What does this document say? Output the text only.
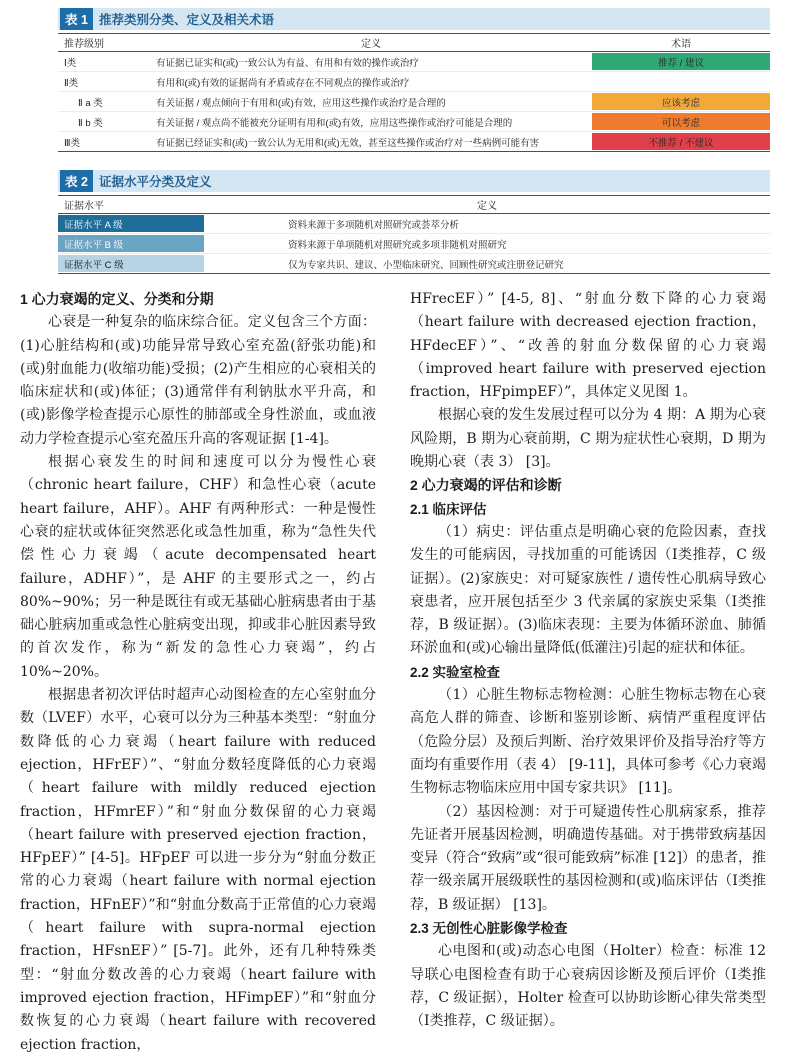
表 1 推荐类别分类、定义及相关术语
推荐级别	定义	术语
Ⅰ类	有证据已证实和(或)一致公认为有益、有用和有效的操作或治疗	推荐 / 建议
Ⅱ类	有用和(或)有效的证据尚有矛盾或存在不同观点的操作或治疗
Ⅱ a 类	有关证据 / 观点倾向于有用和(或)有效，应用这些操作或治疗是合理的	应该考虑
Ⅱ b 类	有关证据 / 观点尚不能被充分证明有用和(或)有效，应用这些操作或治疗可能是合理的	可以考虑
Ⅲ类	有证据已经证实和(或)一致公认为无用和(或)无效，甚至这些操作或治疗对一些病例可能有害	不推荐 / 不建议
表 2 证据水平分类及定义
证据水平	定义
证据水平 A 级	资料来源于多项随机对照研究或荟萃分析
证据水平 B 级	资料来源于单项随机对照研究或多项非随机对照研究
证据水平 C 级	仅为专家共识、建议、小型临床研究、回顾性研究或注册登记研究

1 心力衰竭的定义、分类和分期

心衰是一种复杂的临床综合征。定义包含三个方面：(1)心脏结构和(或)功能异常导致心室充盈(舒张功能)和(或)射血能力(收缩功能)受损；(2)产生相应的心衰相关的临床症状和(或)体征；(3)通常伴有利钠肽水平升高，和(或)影像学检查提示心原性的肺部或全身性淤血，或血液动力学检查提示心室充盈压升高的客观证据 [1-4]。

根据心衰发生的时间和速度可以分为慢性心衰（chronic heart failure，CHF）和急性心衰（acute heart failure，AHF）。AHF 有两种形式：一种是慢性心衰的症状或体征突然恶化或急性加重，称为“急性失代偿性心力衰竭（acute decompensated heart failure，ADHF）”，是 AHF 的主要形式之一，约占 80%~90%；另一种是既往有或无基础心脏病患者由于基础心脏病加重或急性心脏病变出现，抑或非心脏因素导致的首次发作，称为“新发的急性心力衰竭”，约占 10%~20%。

根据患者初次评估时超声心动图检查的左心室射血分数（LVEF）水平，心衰可以分为三种基本类型：“射血分数降低的心力衰竭（heart failure with reduced ejection，HFrEF）”、“射血分数轻度降低的心力衰竭（heart failure with mildly reduced ejection fraction，HFmrEF）”和“射血分数保留的心力衰竭（heart failure with preserved ejection fraction，HFpEF）” [4-5]。HFpEF 可以进一步分为“射血分数正常的心力衰竭（heart failure with normal ejection fraction，HFnEF）”和“射血分数高于正常值的心力衰竭（heart failure with supra-normal ejection fraction，HFsnEF）” [5-7]。此外，还有几种特殊类型：“射血分数改善的心力衰竭（heart failure with improved ejection fraction，HFimpEF）”和“射血分数恢复的心力衰竭（heart failure with recovered ejection fraction，

HFrecEF）” [4-5, 8]、“射血分数下降的心力衰竭（heart failure with decreased ejection fraction，HFdecEF）”、“改善的射血分数保留的心力衰竭（improved heart failure with preserved ejection fraction，HFpimpEF）”，具体定义见图 1。

根据心衰的发生发展过程可以分为 4 期：A 期为心衰风险期，B 期为心衰前期，C 期为症状性心衰期，D 期为晚期心衰（表 3） [3]。

2 心力衰竭的评估和诊断

2.1 临床评估

（1）病史：评估重点是明确心衰的危险因素，查找发生的可能病因，寻找加重的可能诱因（Ⅰ类推荐，C 级证据）。(2)家族史：对可疑家族性 / 遗传性心肌病导致心衰患者，应开展包括至少 3 代亲属的家族史采集（Ⅰ类推荐，B 级证据）。(3)临床表现：主要为体循环淤血、肺循环淤血和(或)心输出量降低(低灌注)引起的症状和体征。

2.2 实验室检查

（1）心脏生物标志物检测：心脏生物标志物在心衰高危人群的筛查、诊断和鉴别诊断、病情严重程度评估（危险分层）及预后判断、治疗效果评价及指导治疗等方面均有重要作用（表 4） [9-11]，具体可参考《心力衰竭生物标志物临床应用中国专家共识》 [11]。

（2）基因检测：对于可疑遗传性心肌病家系，推荐先证者开展基因检测，明确遗传基础。对于携带致病基因变异（符合“致病”或“很可能致病”标准 [12]）的患者，推荐一级亲属开展级联性的基因检测和(或)临床评估（Ⅰ类推荐，B 级证据） [13]。

2.3 无创性心脏影像学检查

心电图和(或)动态心电图（Holter）检查：标准 12 导联心电图检查有助于心衰病因诊断及预后评价（Ⅰ类推荐，C 级证据），Holter 检查可以协助诊断心律失常类型（Ⅰ类推荐，C 级证据）。
